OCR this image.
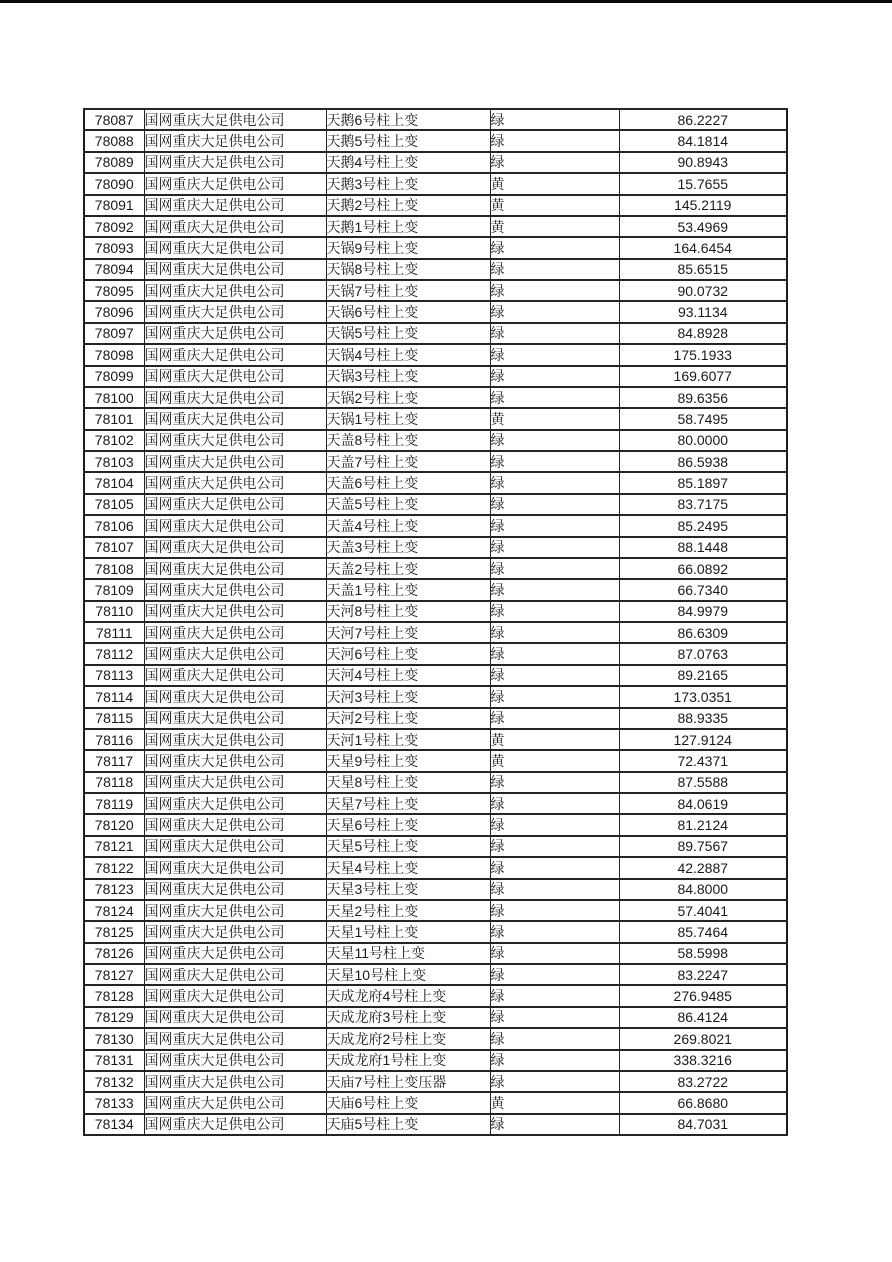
78087	国网重庆大足供电公司	天鹅6号柱上变	绿	86.2227
78088	国网重庆大足供电公司	天鹅5号柱上变	绿	84.1814
78089	国网重庆大足供电公司	天鹅4号柱上变	绿	90.8943
78090	国网重庆大足供电公司	天鹅3号柱上变	黄	15.7655
78091	国网重庆大足供电公司	天鹅2号柱上变	黄	145.2119
78092	国网重庆大足供电公司	天鹅1号柱上变	黄	53.4969
78093	国网重庆大足供电公司	天锅9号柱上变	绿	164.6454
78094	国网重庆大足供电公司	天锅8号柱上变	绿	85.6515
78095	国网重庆大足供电公司	天锅7号柱上变	绿	90.0732
78096	国网重庆大足供电公司	天锅6号柱上变	绿	93.1134
78097	国网重庆大足供电公司	天锅5号柱上变	绿	84.8928
78098	国网重庆大足供电公司	天锅4号柱上变	绿	175.1933
78099	国网重庆大足供电公司	天锅3号柱上变	绿	169.6077
78100	国网重庆大足供电公司	天锅2号柱上变	绿	89.6356
78101	国网重庆大足供电公司	天锅1号柱上变	黄	58.7495
78102	国网重庆大足供电公司	天盖8号柱上变	绿	80.0000
78103	国网重庆大足供电公司	天盖7号柱上变	绿	86.5938
78104	国网重庆大足供电公司	天盖6号柱上变	绿	85.1897
78105	国网重庆大足供电公司	天盖5号柱上变	绿	83.7175
78106	国网重庆大足供电公司	天盖4号柱上变	绿	85.2495
78107	国网重庆大足供电公司	天盖3号柱上变	绿	88.1448
78108	国网重庆大足供电公司	天盖2号柱上变	绿	66.0892
78109	国网重庆大足供电公司	天盖1号柱上变	绿	66.7340
78110	国网重庆大足供电公司	天河8号柱上变	绿	84.9979
78111	国网重庆大足供电公司	天河7号柱上变	绿	86.6309
78112	国网重庆大足供电公司	天河6号柱上变	绿	87.0763
78113	国网重庆大足供电公司	天河4号柱上变	绿	89.2165
78114	国网重庆大足供电公司	天河3号柱上变	绿	173.0351
78115	国网重庆大足供电公司	天河2号柱上变	绿	88.9335
78116	国网重庆大足供电公司	天河1号柱上变	黄	127.9124
78117	国网重庆大足供电公司	天星9号柱上变	黄	72.4371
78118	国网重庆大足供电公司	天星8号柱上变	绿	87.5588
78119	国网重庆大足供电公司	天星7号柱上变	绿	84.0619
78120	国网重庆大足供电公司	天星6号柱上变	绿	81.2124
78121	国网重庆大足供电公司	天星5号柱上变	绿	89.7567
78122	国网重庆大足供电公司	天星4号柱上变	绿	42.2887
78123	国网重庆大足供电公司	天星3号柱上变	绿	84.8000
78124	国网重庆大足供电公司	天星2号柱上变	绿	57.4041
78125	国网重庆大足供电公司	天星1号柱上变	绿	85.7464
78126	国网重庆大足供电公司	天星11号柱上变	绿	58.5998
78127	国网重庆大足供电公司	天星10号柱上变	绿	83.2247
78128	国网重庆大足供电公司	天成龙府4号柱上变	绿	276.9485
78129	国网重庆大足供电公司	天成龙府3号柱上变	绿	86.4124
78130	国网重庆大足供电公司	天成龙府2号柱上变	绿	269.8021
78131	国网重庆大足供电公司	天成龙府1号柱上变	绿	338.3216
78132	国网重庆大足供电公司	天庙7号柱上变压器	绿	83.2722
78133	国网重庆大足供电公司	天庙6号柱上变	黄	66.8680
78134	国网重庆大足供电公司	天庙5号柱上变	绿	84.7031
